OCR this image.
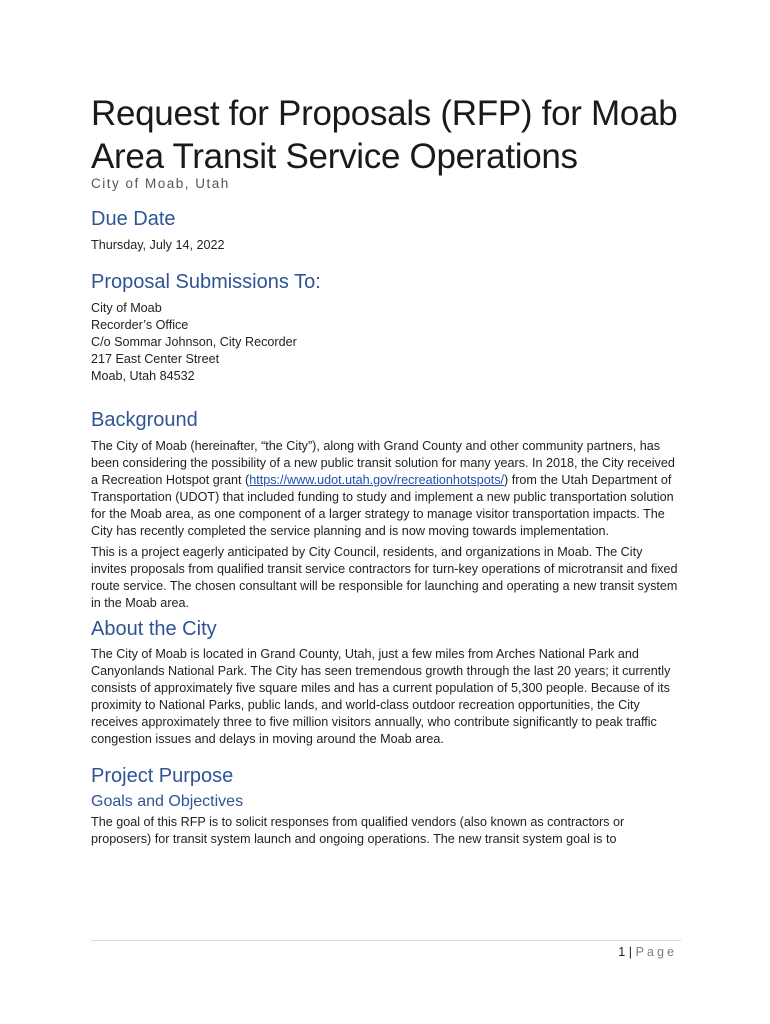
Request for Proposals (RFP) for Moab
Area Transit Service Operations
City of Moab, Utah
Due Date

Thursday, July 14, 2022

Proposal Submissions To:
City of Moab
Recorder’s Office
C/o Sommar Johnson, City Recorder
217 East Center Street
Moab, Utah 84532
Background

The City of Moab (hereinafter, “the City”), along with Grand County and other community partners, has been considering the possibility of a new public transit solution for many years. In 2018, the City received a Recreation Hotspot grant (https://www.udot.utah.gov/recreationhotspots/) from the Utah Department of Transportation (UDOT) that included funding to study and implement a new public transportation solution for the Moab area, as one component of a larger strategy to manage visitor transportation impacts. The City has recently completed the service planning and is now moving towards implementation.

This is a project eagerly anticipated by City Council, residents, and organizations in Moab. The City invites proposals from qualified transit service contractors for turn-key operations of microtransit and fixed route service. The chosen consultant will be responsible for launching and operating a new transit system in the Moab area.

About the City

The City of Moab is located in Grand County, Utah, just a few miles from Arches National Park and Canyonlands National Park. The City has seen tremendous growth through the last 20 years; it currently consists of approximately five square miles and has a current population of 5,300 people. Because of its proximity to National Parks, public lands, and world-class outdoor recreation opportunities, the City receives approximately three to five million visitors annually, who contribute significantly to peak traffic congestion issues and delays in moving around the Moab area.

Project Purpose
Goals and Objectives

The goal of this RFP is to solicit responses from qualified vendors (also known as contractors or proposers) for transit system launch and ongoing operations. The new transit system goal is to

1 | Page
